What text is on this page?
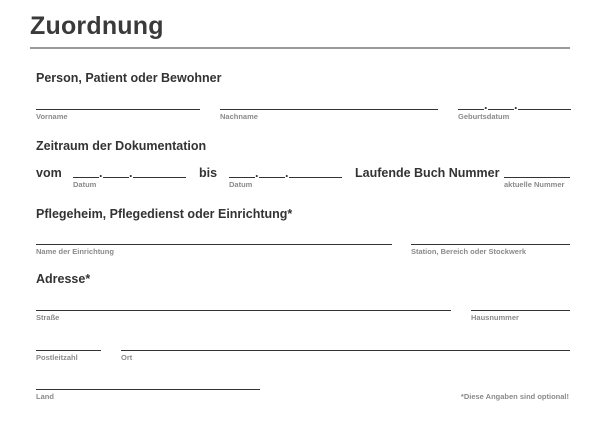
Zuordnung
Person, Patient oder Bewohner
Vorname	Nachname
. .
Geburtsdatum
Zeitraum der Dokumentation
vom	. .
Datum
bis	. .
Datum
Laufende Buch Nummer
aktuelle Nummer
Pflegeheim, Pflegedienst oder Einrichtung*
Name der Einrichtung	Station, Bereich oder Stockwerk
Adresse*
Straße	Hausnummer
Postleitzahl	Ort
Land	*Diese Angaben sind optional!
